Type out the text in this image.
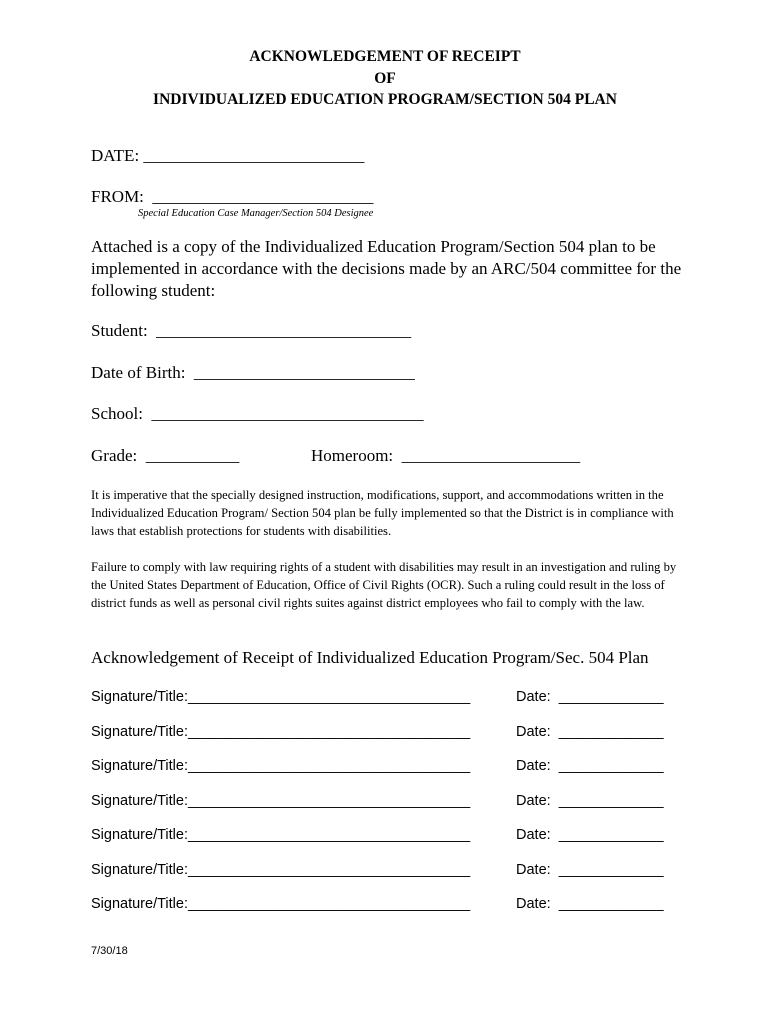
ACKNOWLEDGEMENT OF RECEIPT
OF
INDIVIDUALIZED EDUCATION PROGRAM/SECTION 504 PLAN
DATE: __________________________
FROM:  __________________________
Special Education Case Manager/Section 504 Designee
Attached is a copy of the Individualized Education Program/Section 504 plan to be implemented in accordance with the decisions made by an ARC/504 committee for the following student:
Student:  ______________________________
Date of Birth:  __________________________
School:  ________________________________
Grade:  ___________	Homeroom:  _____________________
It is imperative that the specially designed instruction, modifications, support, and accommodations written in the Individualized Education Program/ Section 504 plan be fully implemented so that the District is in compliance with laws that establish protections for students with disabilities.
Failure to comply with law requiring rights of a student with disabilities may result in an investigation and ruling by the United States Department of Education, Office of Civil Rights (OCR). Such a ruling could result in the loss of district funds as well as personal civil rights suites against district employees who fail to comply with the law.
Acknowledgement of Receipt of Individualized Education Program/Sec. 504 Plan
Signature/Title:___________________________________	Date:  _____________
Signature/Title:___________________________________	Date:  _____________
Signature/Title:___________________________________	Date:  _____________
Signature/Title:___________________________________	Date:  _____________
Signature/Title:___________________________________	Date:  _____________
Signature/Title:___________________________________	Date:  _____________
Signature/Title:___________________________________	Date:  _____________
7/30/18
